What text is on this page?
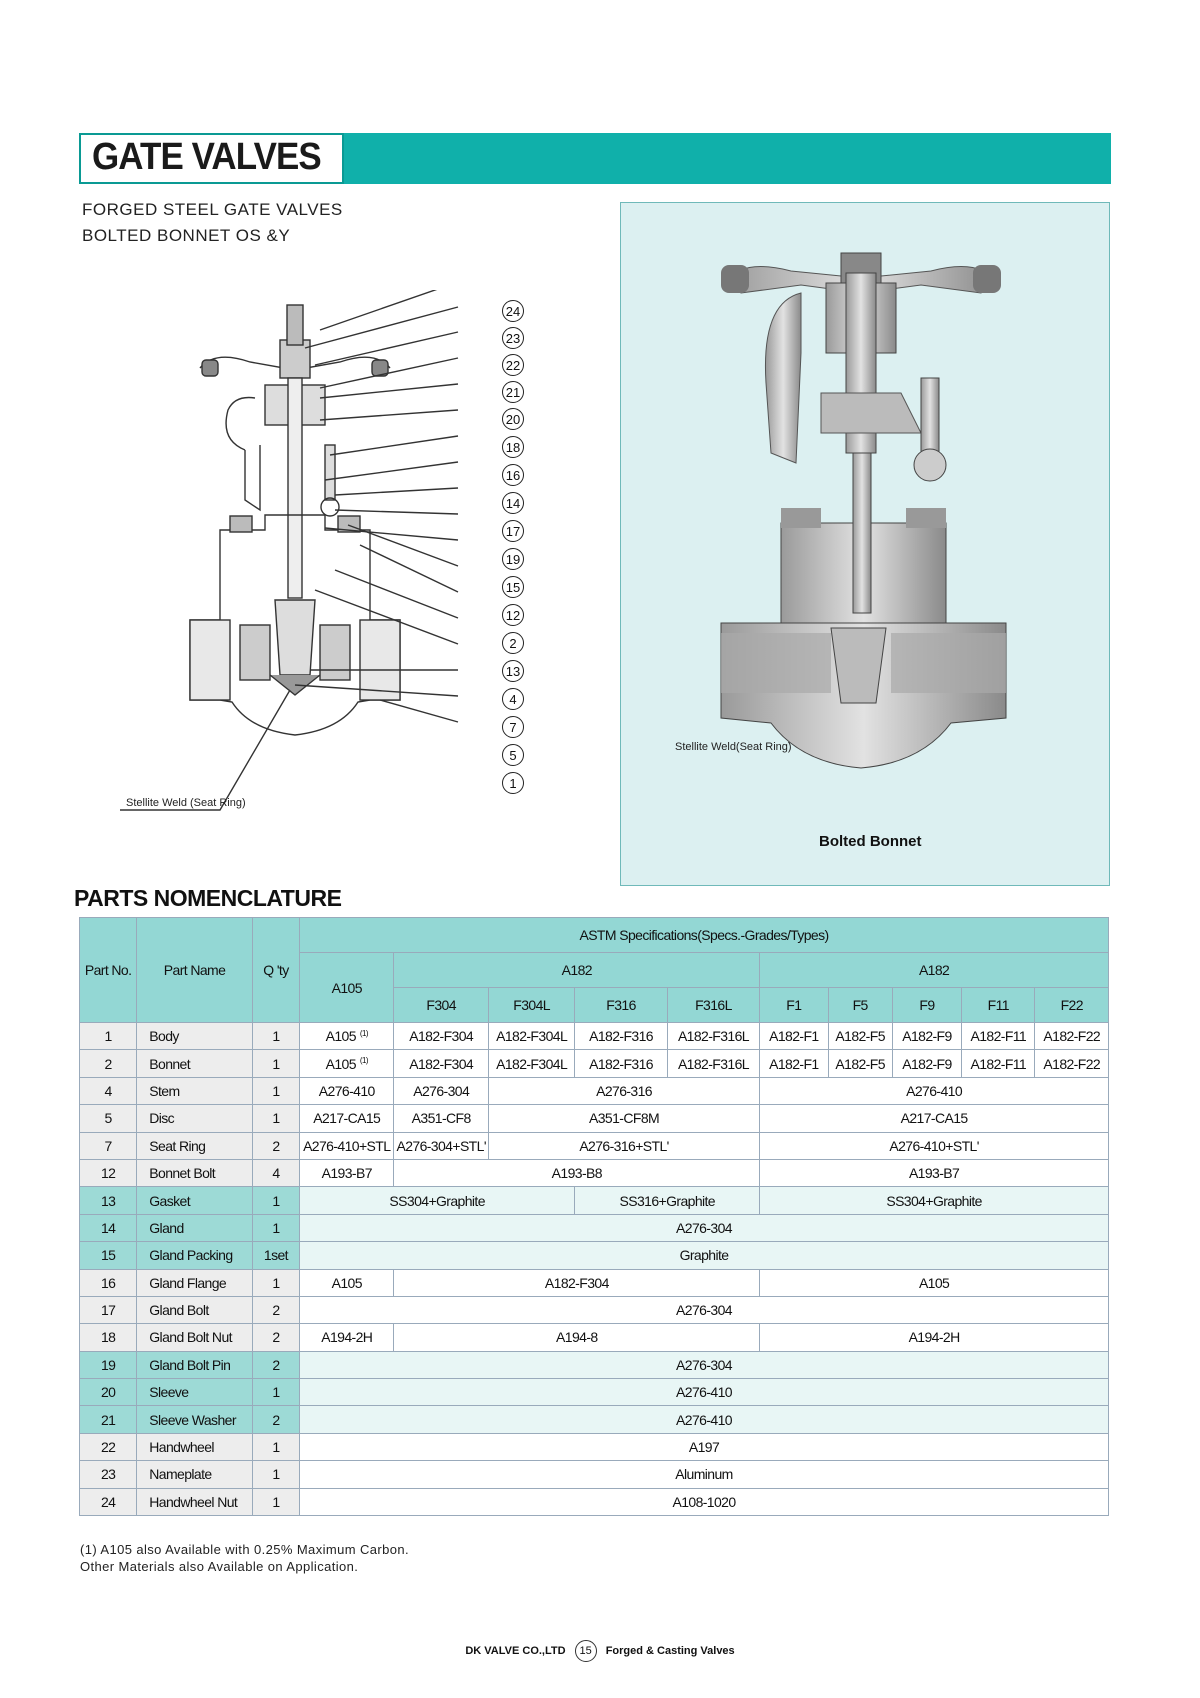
GATE VALVES
FORGED STEEL GATE VALVES
BOLTED BONNET OS &Y
24
23
22
21
20
18
16
14
17
19
15
12
2
13
4
7
5
1
Stellite Weld (Seat Ring)
Stellite Weld(Seat Ring)
Bolted Bonnet
PARTS NOMENCLATURE
Part No.	Part Name	Q 'ty	ASTM Specifications(Specs.-Grades/Types)									
			A105	A182				A182				
				F304	F304L	F316	F316L	F1	F5	F9	F11	F22
1	Body	1	A105 $^{(1)}$	A182-F304	A182-F304L	A182-F316	A182-F316L	A182-F1	A182-F5	A182-F9	A182-F11	A182-F22
2	Bonnet	1	A105 $^{(1)}$	A182-F304	A182-F304L	A182-F316	A182-F316L	A182-F1	A182-F5	A182-F9	A182-F11	A182-F22
4	Stem	1	A276-410	A276-304	A276-316			A276-410				
5	Disc	1	A217-CA15	A351-CF8	A351-CF8M			A217-CA15				
7	Seat Ring	2	A276-410+STL	A276-304+STL'	A276-316+STL'			A276-410+STL'				
12	Bonnet Bolt	4	A193-B7	A193-B8				A193-B7				
13	Gasket	1	SS304+Graphite			SS316+Graphite		SS304+Graphite				
14	Gland	1	A276-304									
15	Gland Packing	1set	Graphite									
16	Gland Flange	1	A105	A182-F304				A105				
17	Gland Bolt	2	A276-304									
18	Gland Bolt Nut	2	A194-2H	A194-8				A194-2H				
19	Gland Bolt Pin	2	A276-304									
20	Sleeve	1	A276-410									
21	Sleeve Washer	2	A276-410									
22	Handwheel	1	A197									
23	Nameplate	1	Aluminum									
24	Handwheel Nut	1	A108-1020									
(1) A105 also Available with 0.25% Maximum Carbon.
Other Materials also Available on Application.
DK VALVE CO.,LTD 15 Forged & Casting Valves
